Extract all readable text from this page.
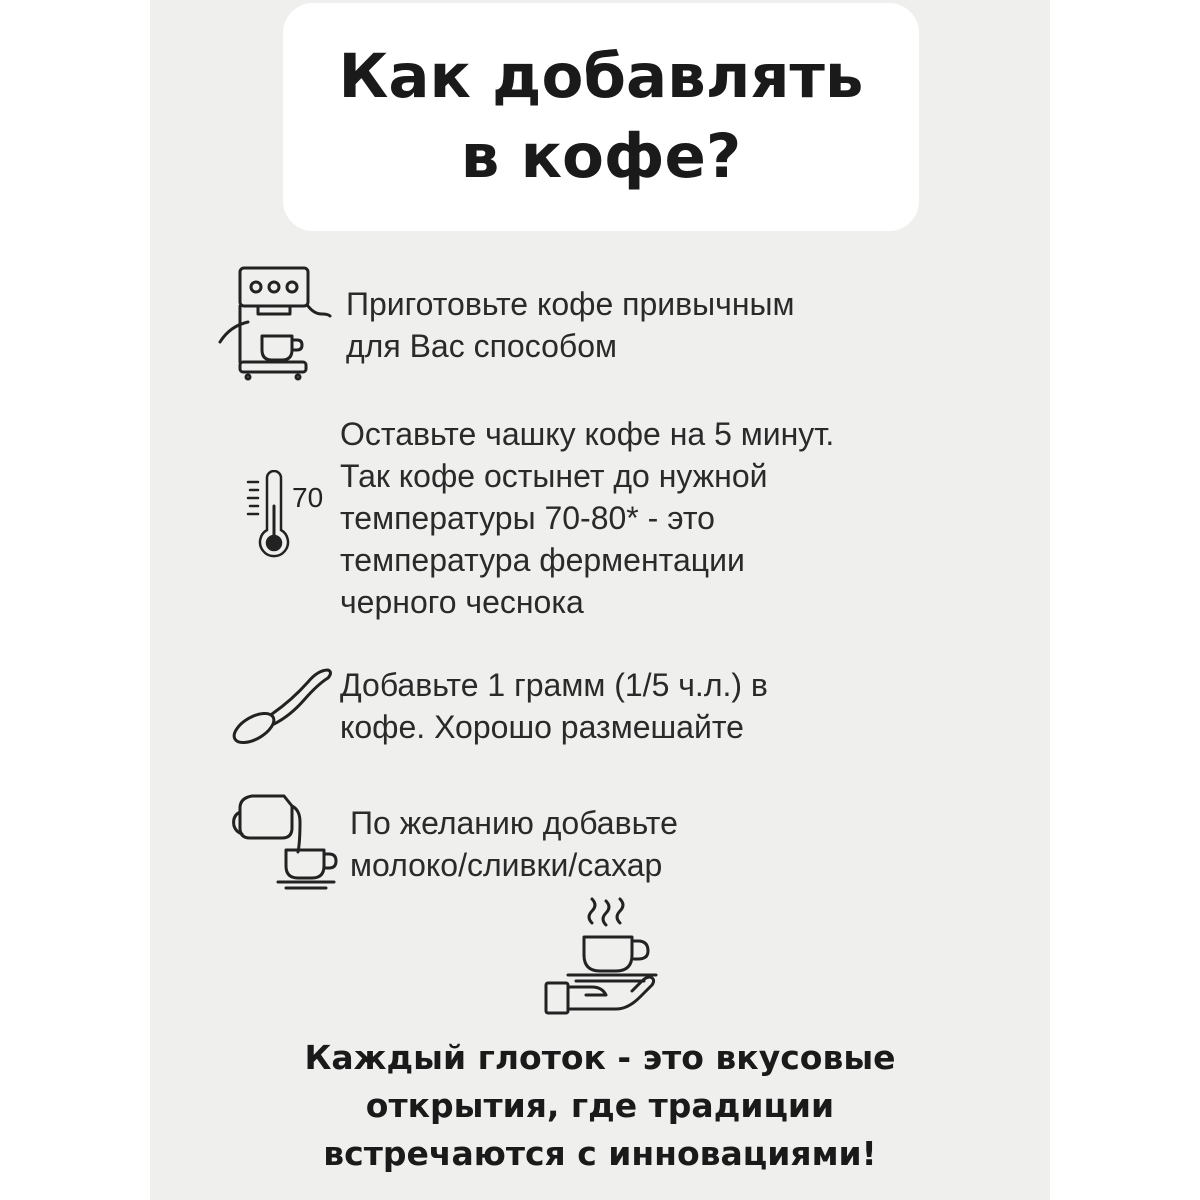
Как добавлять
в кофе?
Приготовьте кофе привычным
для Вас способом
70
Оставьте чашку кофе на 5 минут.
Так кофе остынет до нужной
температуры 70-80* - это
температура ферментации
черного чеснока
Добавьте 1 грамм (1/5 ч.л.) в
кофе. Хорошо размешайте
По желанию добавьте
молоко/сливки/сахар
Каждый глоток - это вкусовые
открытия, где традиции
встречаются с инновациями!
